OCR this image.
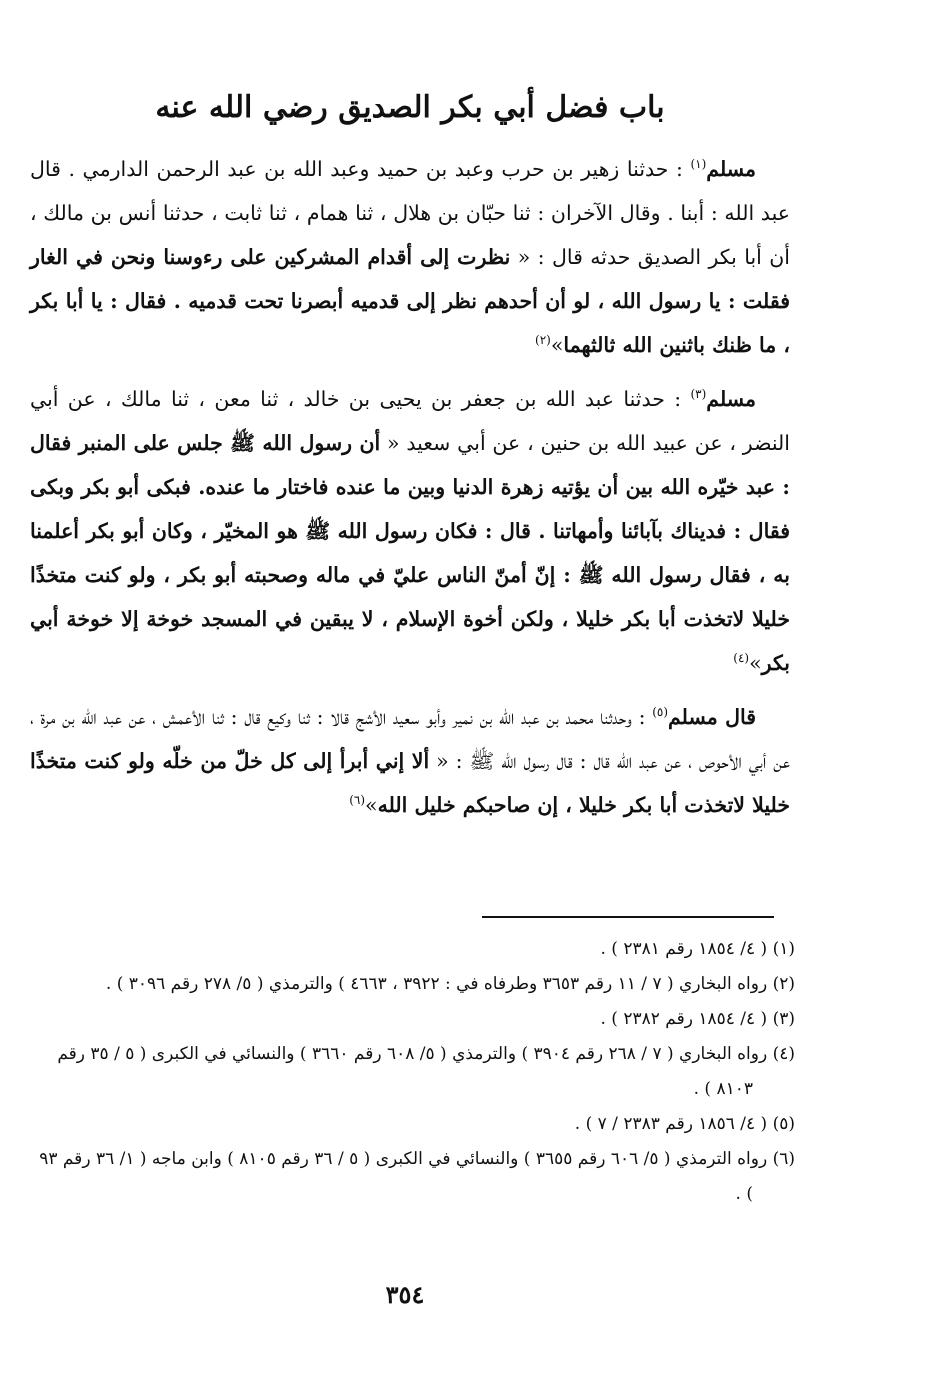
باب فضل أبي بكر الصديق رضي الله عنه

مسلم$^{(١)}$ : حدثنا زهير بن حرب وعبد بن حميد وعبد الله بن عبد الرحمن الدارمي . قال عبد الله : أبنا . وقال الآخران : ثنا حبّان بن هلال ، ثنا همام ، ثنا ثابت ، حدثنا أنس بن مالك ، أن أبا بكر الصديق حدثه قال : « نظرت إلى أقدام المشركين على رءوسنا ونحن في الغار فقلت : يا رسول الله ، لو أن أحدهم نظر إلى قدميه أبصرنا تحت قدميه . فقال : يا أبا بكر ، ما ظنك باثنين الله ثالثهما»$^{(٢)}$

مسلم$^{(٣)}$ : حدثنا عبد الله بن جعفر بن يحيى بن خالد ، ثنا معن ، ثنا مالك ، عن أبي النضر ، عن عبيد الله بن حنين ، عن أبي سعيد « أن رسول الله ﷺ جلس على المنبر فقال : عبد خيّره الله بين أن يؤتيه زهرة الدنيا وبين ما عنده فاختار ما عنده. فبكى أبو بكر وبكى فقال : فديناك بآبائنا وأمهاتنا . قال : فكان رسول الله ﷺ هو المخيّر ، وكان أبو بكر أعلمنا به ، فقال رسول الله ﷺ : إنّ أمنّ الناس عليّ في ماله وصحبته أبو بكر ، ولو كنت متخذًا خليلا لاتخذت أبا بكر خليلا ، ولكن أخوة الإسلام ، لا يبقين في المسجد خوخة إلا خوخة أبي بكر»$^{(٤)}$

قال مسلم$^{(٥)}$ : وحدثنا محمد بن عبد الله بن نمير وأبو سعيد الأشج قالا : ثنا وكيع قال : ثنا الأعمش ، عن عبد الله بن مرة ، عن أبي الأحوص ، عن عبد الله قال : قال رسول الله ﷺ : « ألا إني أبرأ إلى كل خلّ من خلّه ولو كنت متخذًا خليلا لاتخذت أبا بكر خليلا ، إن صاحبكم خليل الله»$^{(٦)}$

(١) ( ٤/ ١٨٥٤ رقم ٢٣٨١ ) .

(٢) رواه البخاري ( ٧ / ١١ رقم ٣٦٥٣ وطرفاه في : ٣٩٢٢ ، ٤٦٦٣ ) والترمذي ( ٥/ ٢٧٨ رقم ٣٠٩٦ ) .

(٣) ( ٤/ ١٨٥٤ رقم ٢٣٨٢ ) .

(٤) رواه البخاري ( ٧ / ٢٦٨ رقم ٣٩٠٤ ) والترمذي ( ٥/ ٦٠٨ رقم ٣٦٦٠ ) والنسائي في الكبرى ( ٥ / ٣٥ رقم ٨١٠٣ ) .

(٥) ( ٤/ ١٨٥٦ رقم ٢٣٨٣ / ٧ ) .

(٦) رواه الترمذي ( ٥/ ٦٠٦ رقم ٣٦٥٥ ) والنسائي في الكبرى ( ٥ / ٣٦ رقم ٨١٠٥ ) وابن ماجه ( ١/ ٣٦ رقم ٩٣ ) .

٣٥٤
